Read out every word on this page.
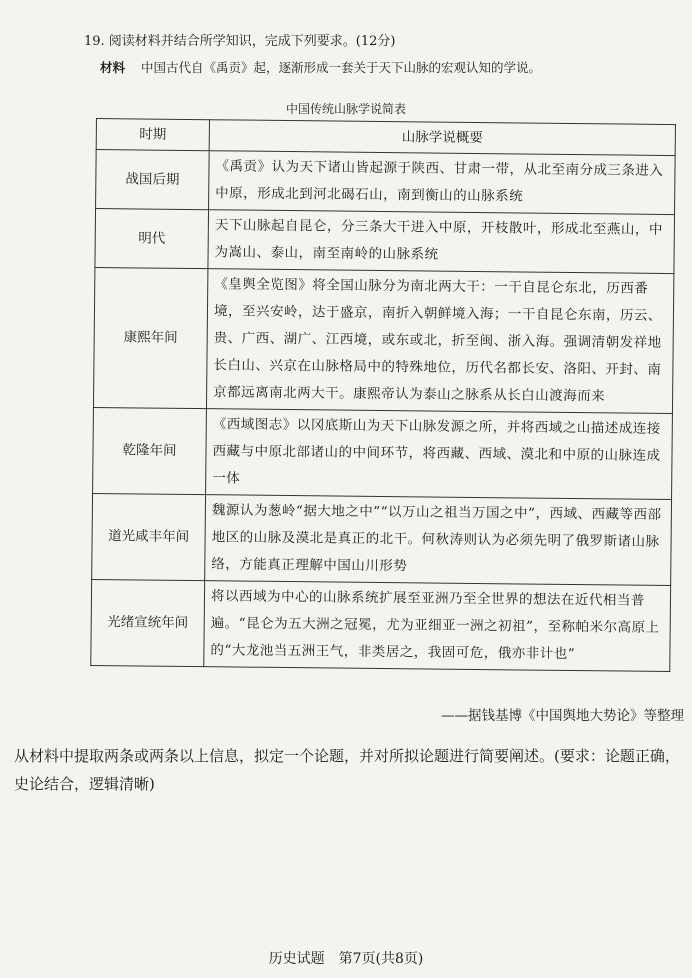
19. 阅读材料并结合所学知识，完成下列要求。(12分)
材料 中国古代自《禹贡》起，逐渐形成一套关于天下山脉的宏观认知的学说。
中国传统山脉学说简表
时期	山脉学说概要
战国后期	《禹贡》认为天下诸山皆起源于陕西、甘肃一带，从北至南分成三条进入中原，形成北到河北碣石山，南到衡山的山脉系统
明代	天下山脉起自昆仑，分三条大干进入中原，开枝散叶，形成北至燕山，中为嵩山、泰山，南至南岭的山脉系统
康熙年间	《皇舆全览图》将全国山脉分为南北两大干：一干自昆仑东北，历西番境，至兴安岭，达于盛京，南折入朝鲜境入海；一干自昆仑东南，历云、贵、广西、湖广、江西境，或东或北，折至闽、浙入海。强调清朝发祥地长白山、兴京在山脉格局中的特殊地位，历代名都长安、洛阳、开封、南京都远离南北两大干。康熙帝认为泰山之脉系从长白山渡海而来
乾隆年间	《西域图志》以冈底斯山为天下山脉发源之所，并将西域之山描述成连接西藏与中原北部诸山的中间环节，将西藏、西域、漠北和中原的山脉连成一体
道光咸丰年间	魏源认为葱岭“据大地之中”“以万山之祖当万国之中”，西域、西藏等西部地区的山脉及漠北是真正的北干。何秋涛则认为必须先明了俄罗斯诸山脉络，方能真正理解中国山川形势
光绪宣统年间	将以西域为中心的山脉系统扩展至亚洲乃至全世界的想法在近代相当普遍。“昆仑为五大洲之冠冕，尤为亚细亚一洲之初祖”，至称帕米尔高原上的“大龙池当五洲王气，非类居之，我固可危，俄亦非计也”
——据钱基博《中国舆地大势论》等整理
从材料中提取两条或两条以上信息，拟定一个论题，并对所拟论题进行简要阐述。(要求：论题正确，史论结合，逻辑清晰)
历史试题　第7页(共8页)
